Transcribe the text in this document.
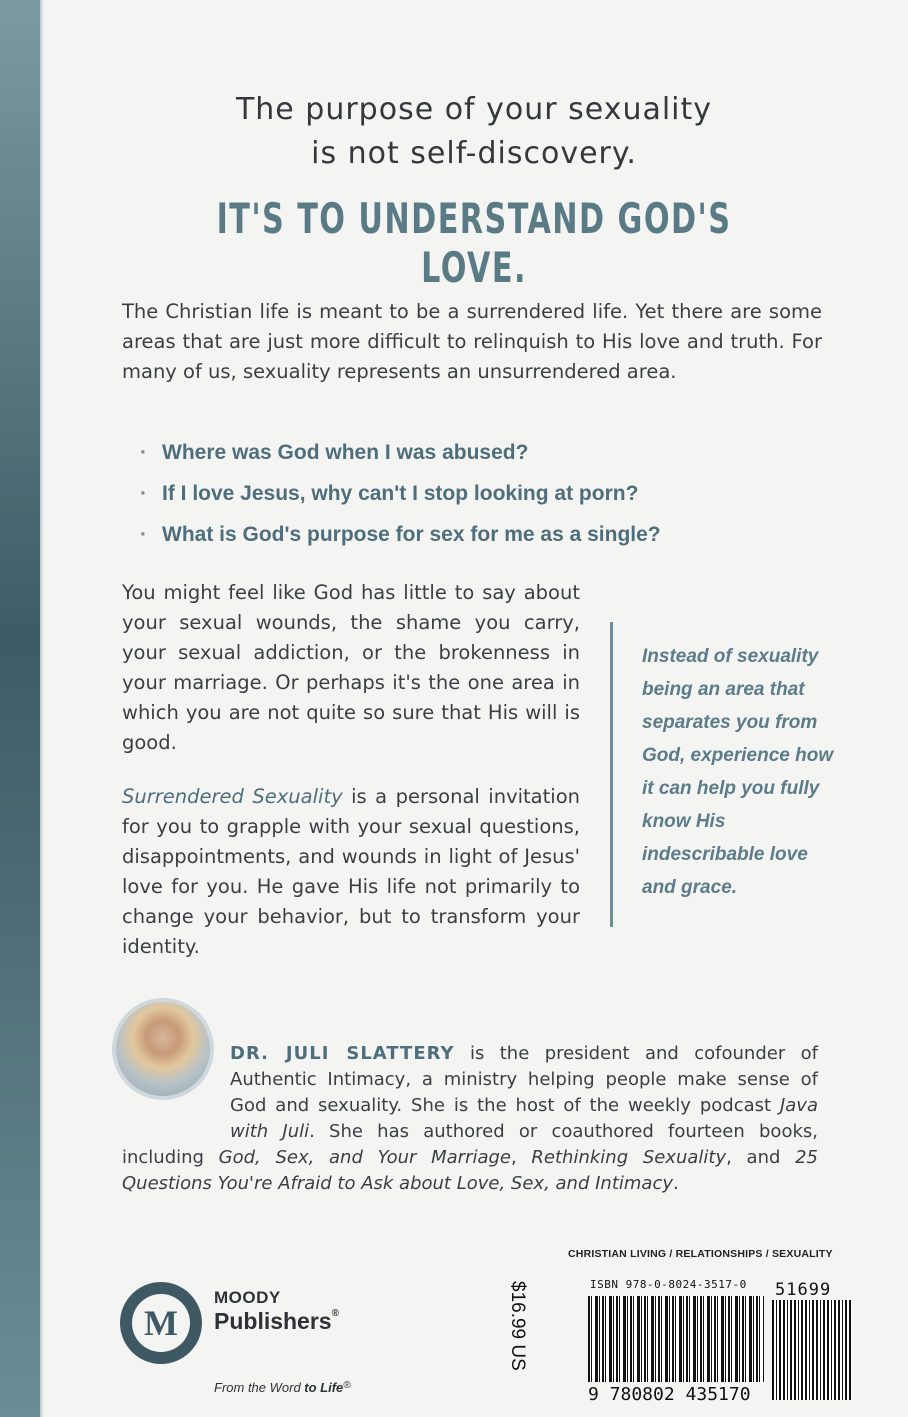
The purpose of your sexuality
is not self-discovery.
IT'S TO UNDERSTAND GOD'S LOVE.
The Christian life is meant to be a surrendered life. Yet there are some areas that are just more difficult to relinquish to His love and truth. For many of us, sexuality represents an unsurrendered area.
· Where was God when I was abused?
· If I love Jesus, why can't I stop looking at porn?
· What is God's purpose for sex for me as a single?
You might feel like God has little to say about your sexual wounds, the shame you carry, your sexual addiction, or the brokenness in your marriage. Or perhaps it's the one area in which you are not quite so sure that His will is good.
Surrendered Sexuality is a personal invitation for you to grapple with your sexual questions, disappointments, and wounds in light of Jesus' love for you. He gave His life not primarily to change your behavior, but to transform your identity.
Instead of sexuality being an area that separates you from God, experience how it can help you fully know His indescribable love and grace.
DR. JULI SLATTERY is the president and cofounder of Authentic Intimacy, a ministry helping people make sense of God and sexuality. She is the host of the weekly podcast Java with Juli. She has authored or coauthored fourteen books, including God, Sex, and Your Marriage, Rethinking Sexuality, and 25 Questions You're Afraid to Ask about Love, Sex, and Intimacy.
CHRISTIAN LIVING / RELATIONSHIPS / SEXUALITY
M
MOODY
Publishers®
From the Word to Life®
$16.99 US	ISBN 978-0-8024-3517-0
9 780802 435170
51699
